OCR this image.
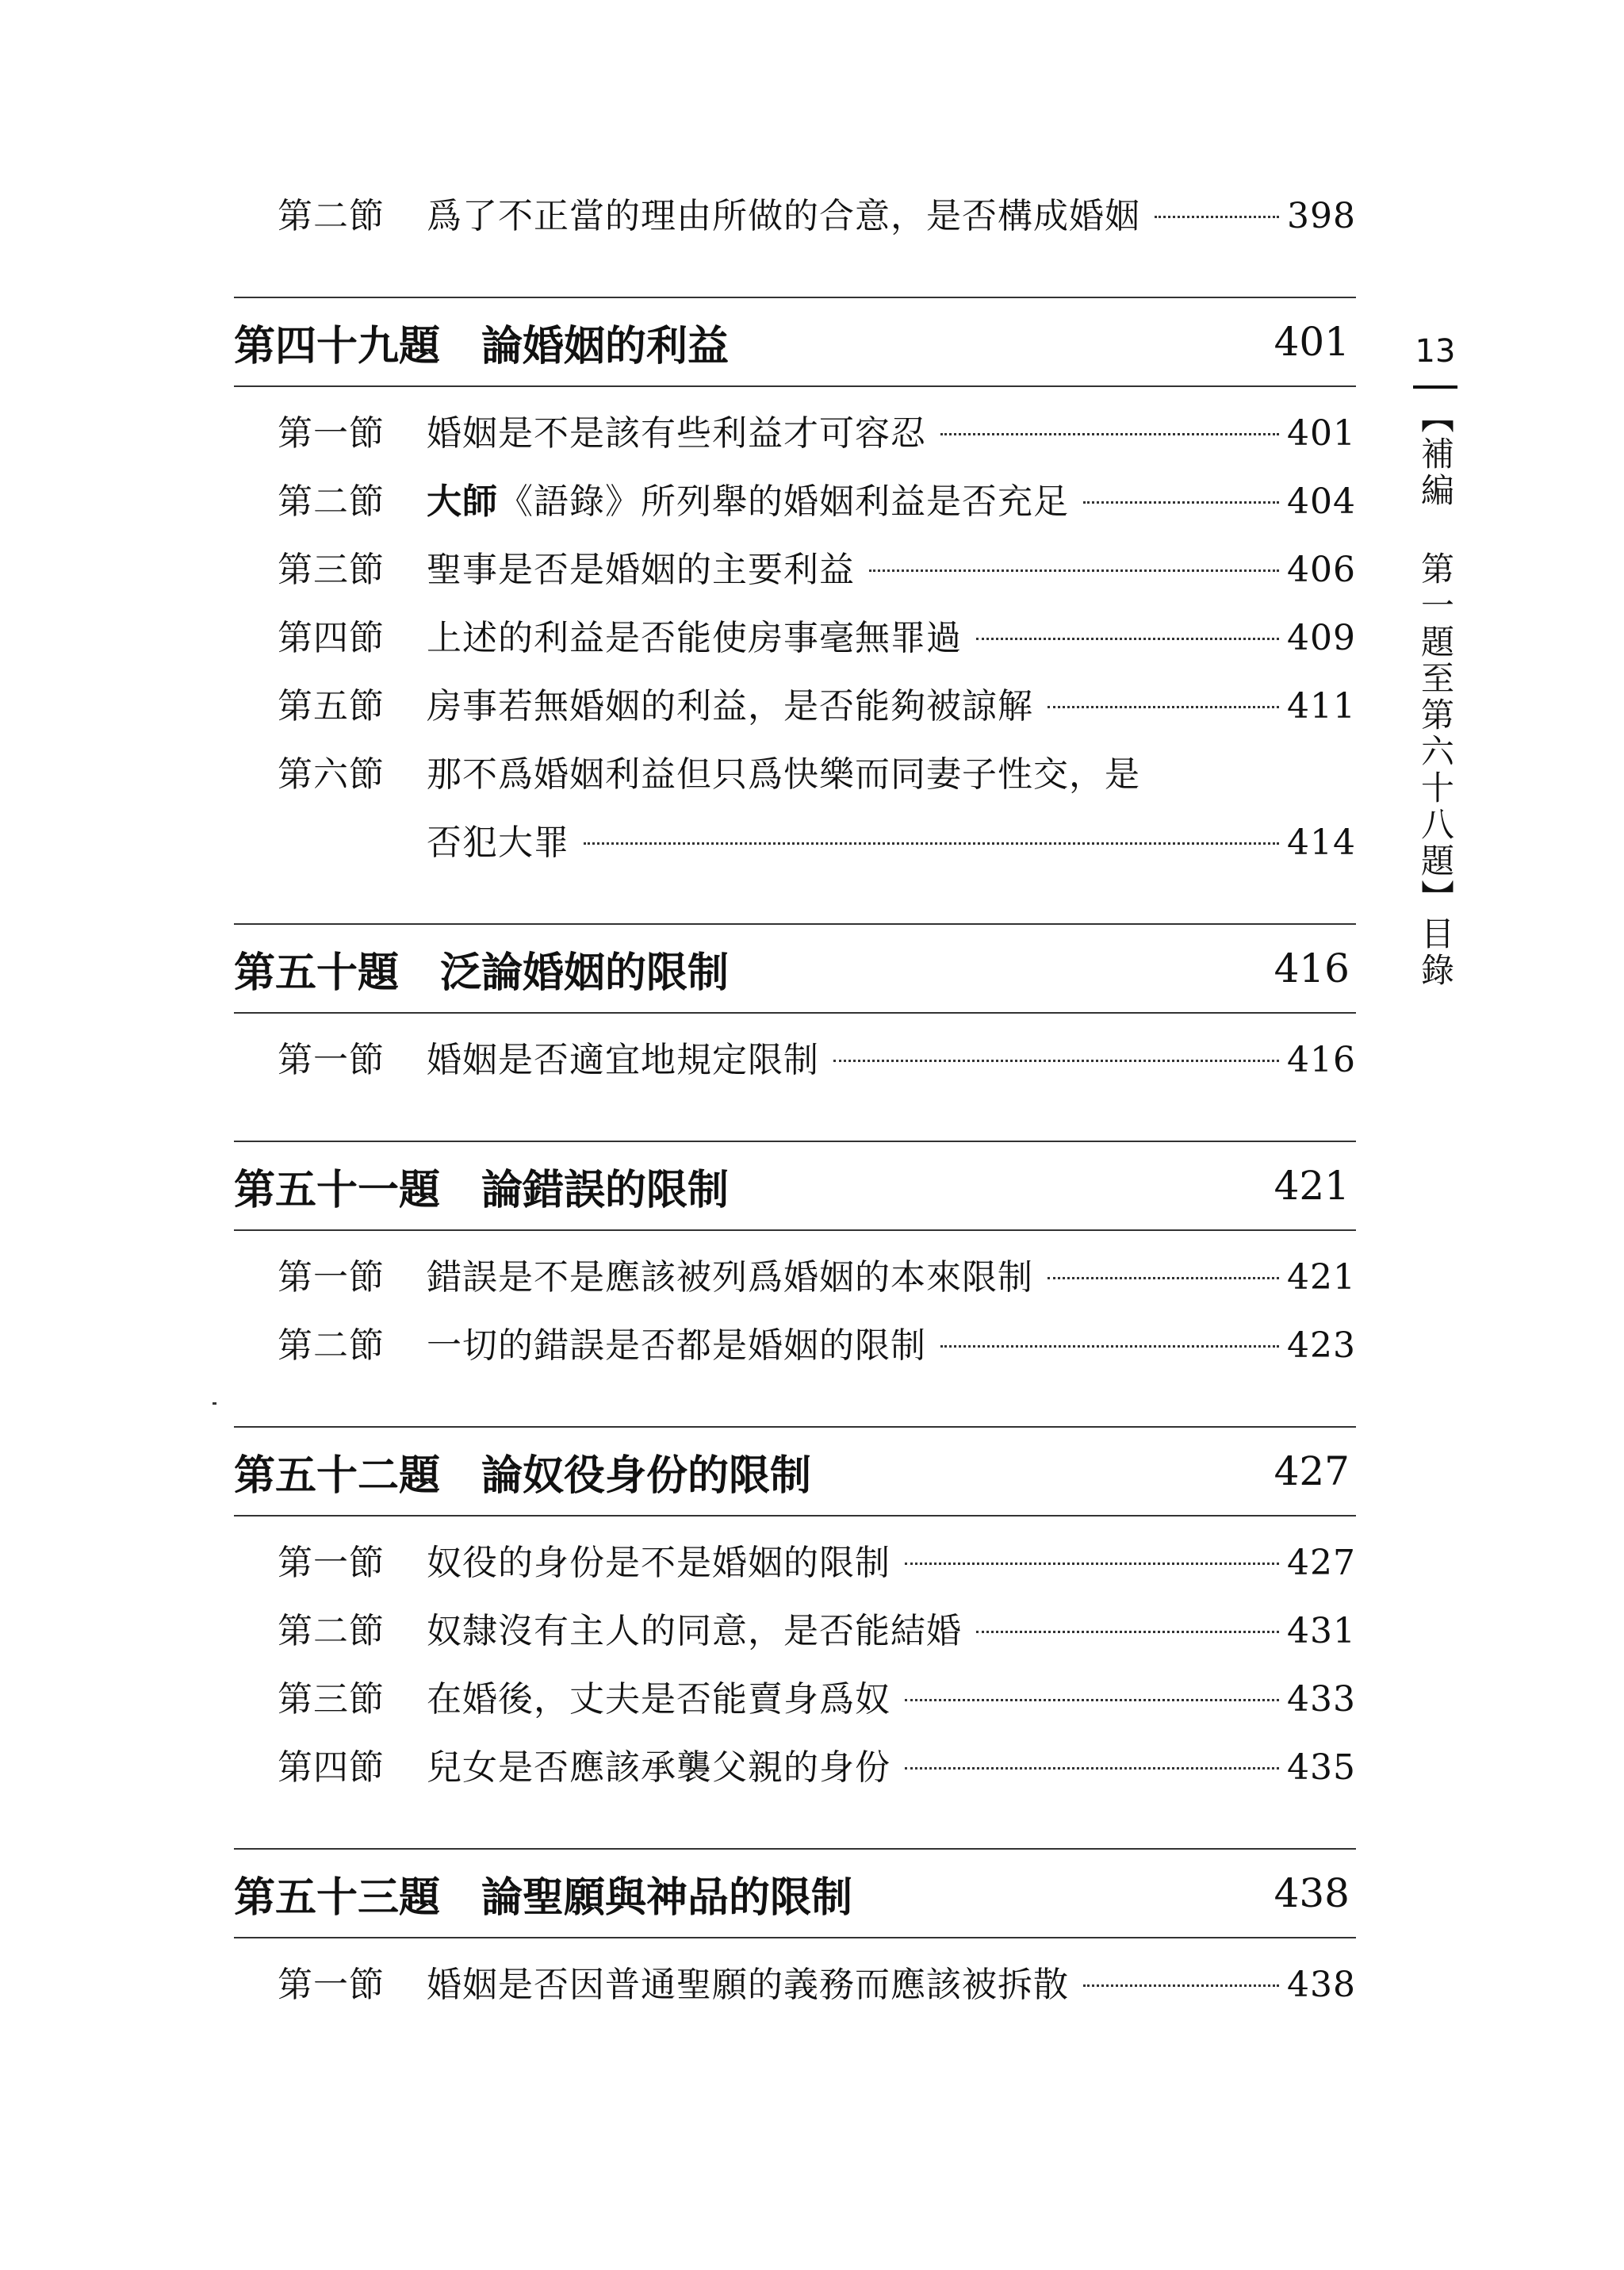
第二節	爲了不正當的理由所做的合意，是否構成婚姻	398
第四十九題　論婚姻的利益	401
第一節	婚姻是不是該有些利益才可容忍	401
第二節	大師《語錄》所列舉的婚姻利益是否充足	404
第三節	聖事是否是婚姻的主要利益	406
第四節	上述的利益是否能使房事毫無罪過	409
第五節	房事若無婚姻的利益，是否能夠被諒解	411
第六節	那不爲婚姻利益但只爲快樂而同妻子性交，是
否犯大罪	414
第五十題　泛論婚姻的限制	416
第一節	婚姻是否適宜地規定限制	416
第五十一題　論錯誤的限制	421
第一節	錯誤是不是應該被列爲婚姻的本來限制	421
第二節	一切的錯誤是否都是婚姻的限制	423
第五十二題　論奴役身份的限制	427
第一節	奴役的身份是不是婚姻的限制	427
第二節	奴隸沒有主人的同意，是否能結婚	431
第三節	在婚後，丈夫是否能賣身爲奴	433
第四節	兒女是否應該承襲父親的身份	435
第五十三題　論聖願與神品的限制	438
第一節	婚姻是否因普通聖願的義務而應該被拆散	438
13
【補編 第一題至第六十八題】目錄
